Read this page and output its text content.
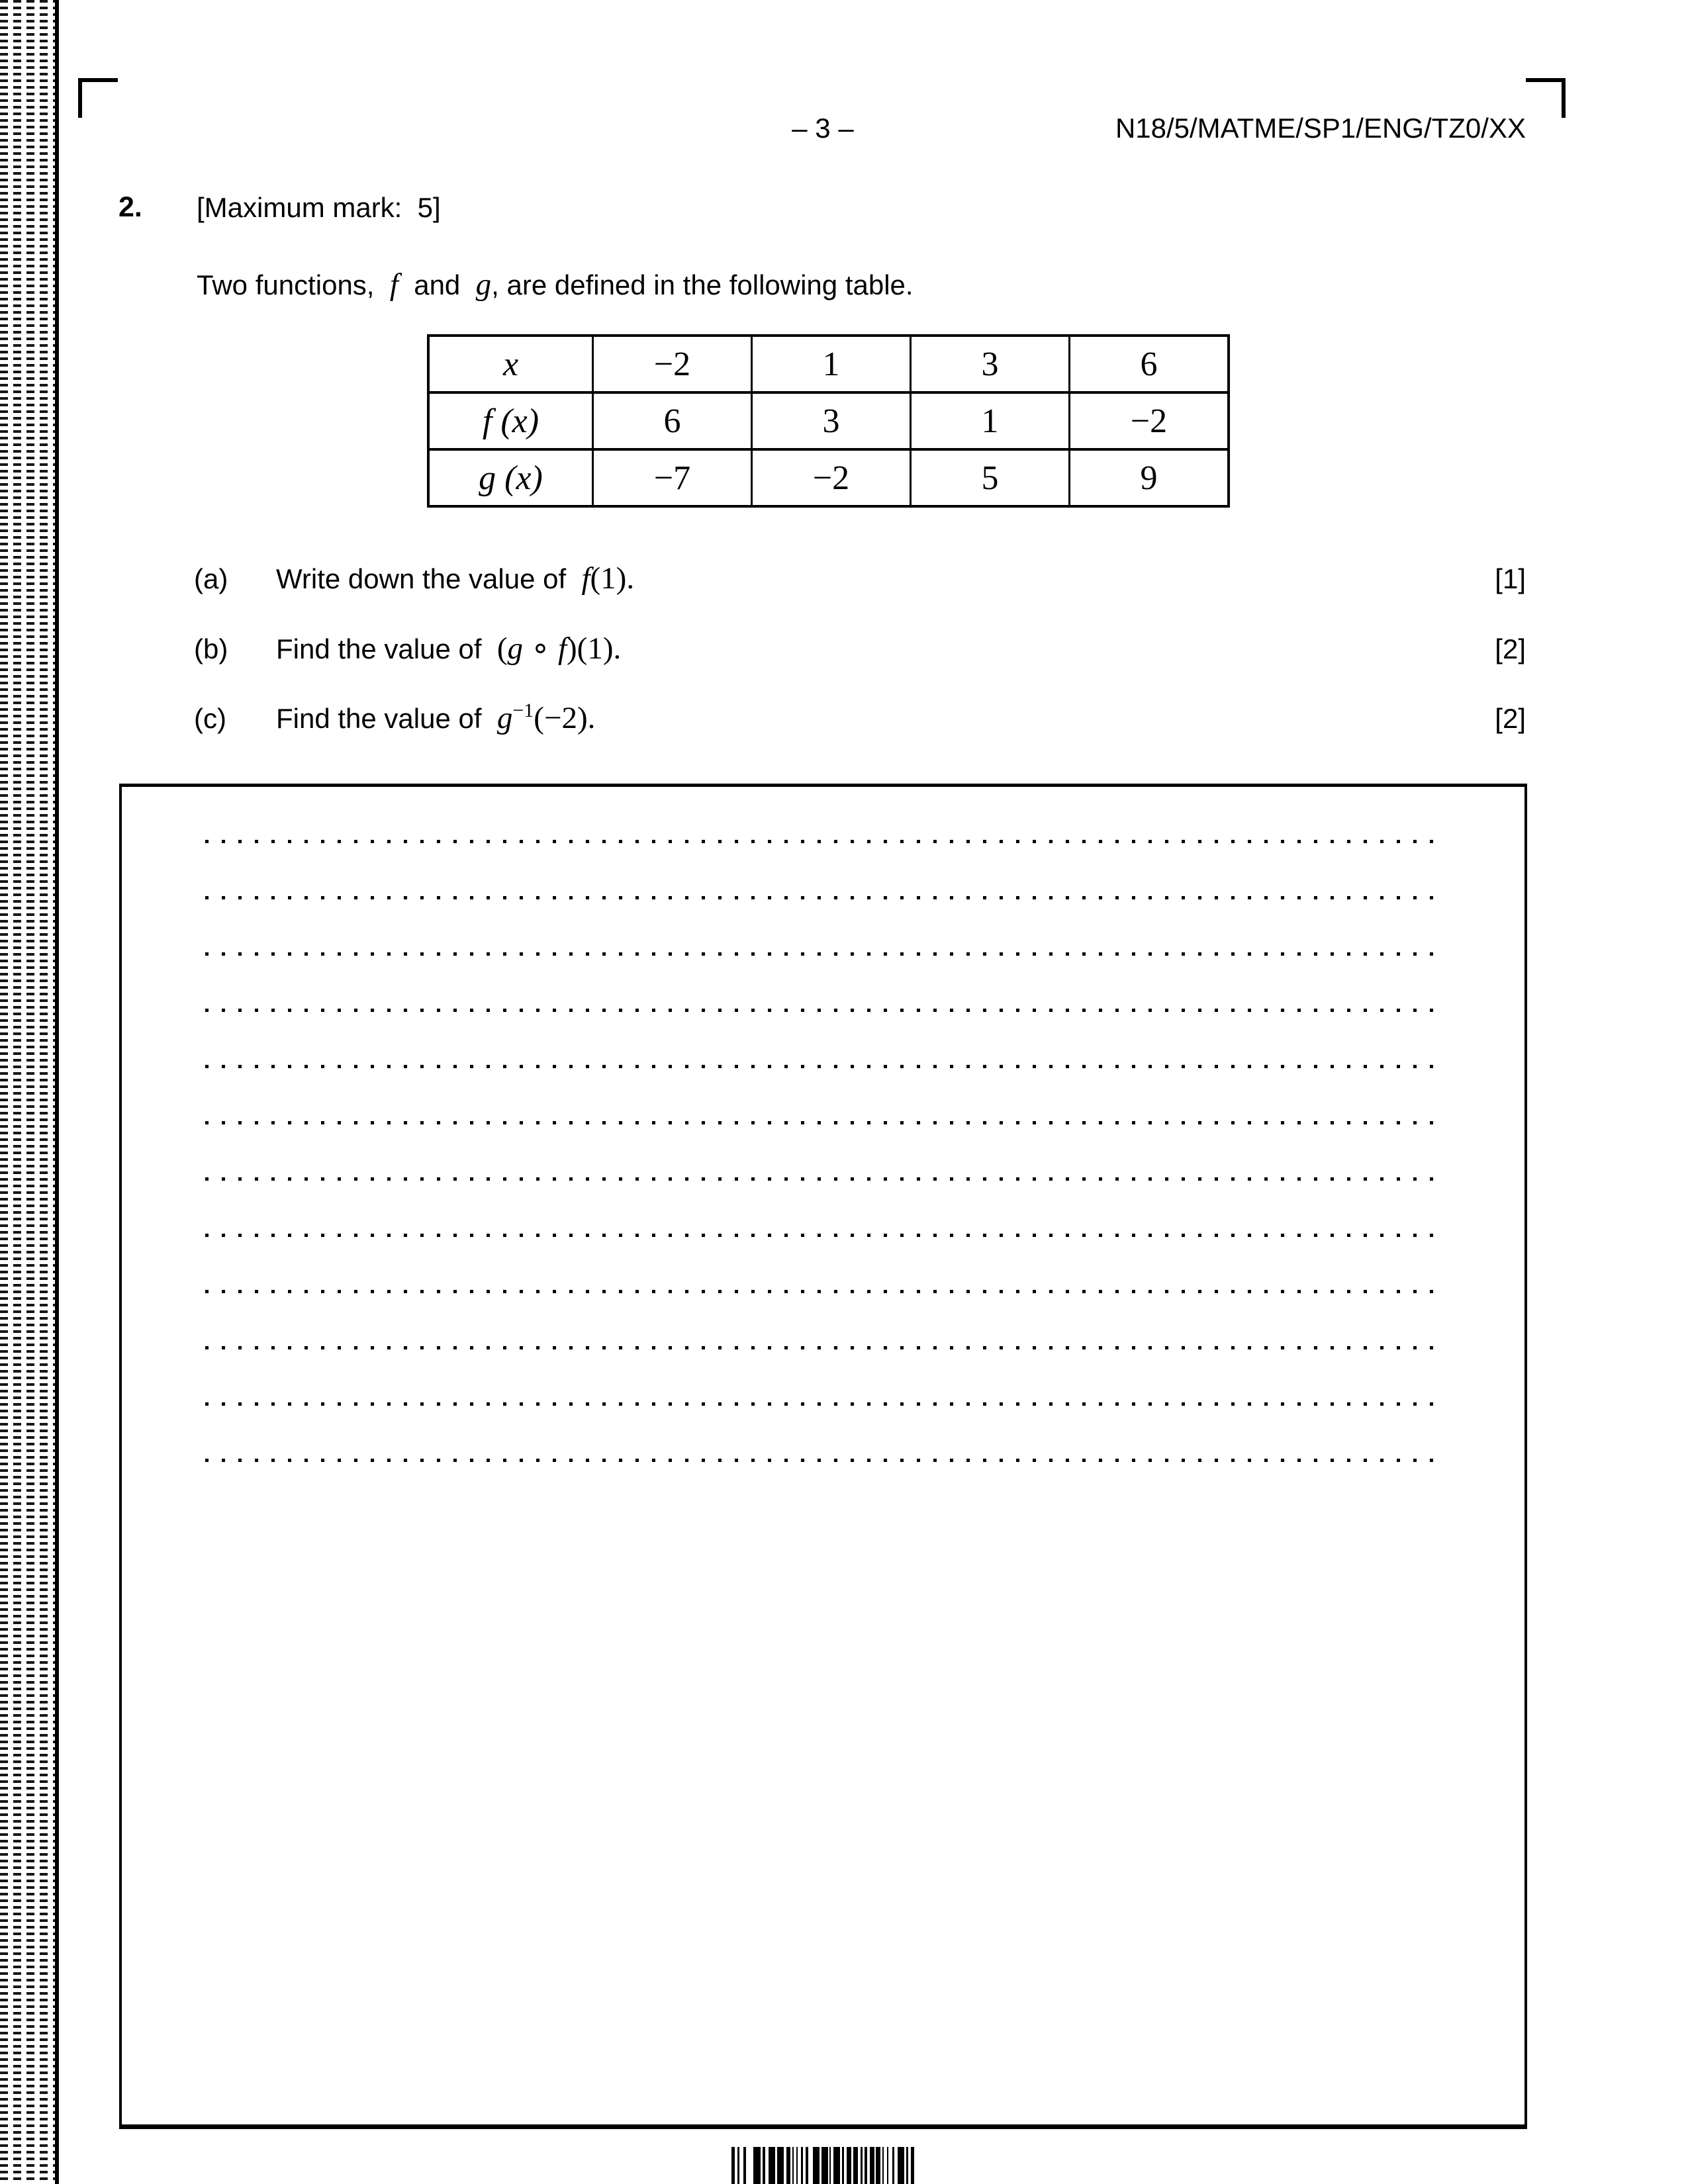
– 3 –	N18/5/MATME/SP1/ENG/TZ0/XX
2. [Maximum mark:  5]
Two functions,  f  and  g, are defined in the following table.
x	−2	1	3	6
f (x)	6	3	1	−2
g (x)	−7	−2	5	9
(a) Write down the value of  f(1).	[1]
(b) Find the value of  (g ∘ f)(1).	[2]
(c) Find the value of  $g^{-1}(-2)$.	[2]
